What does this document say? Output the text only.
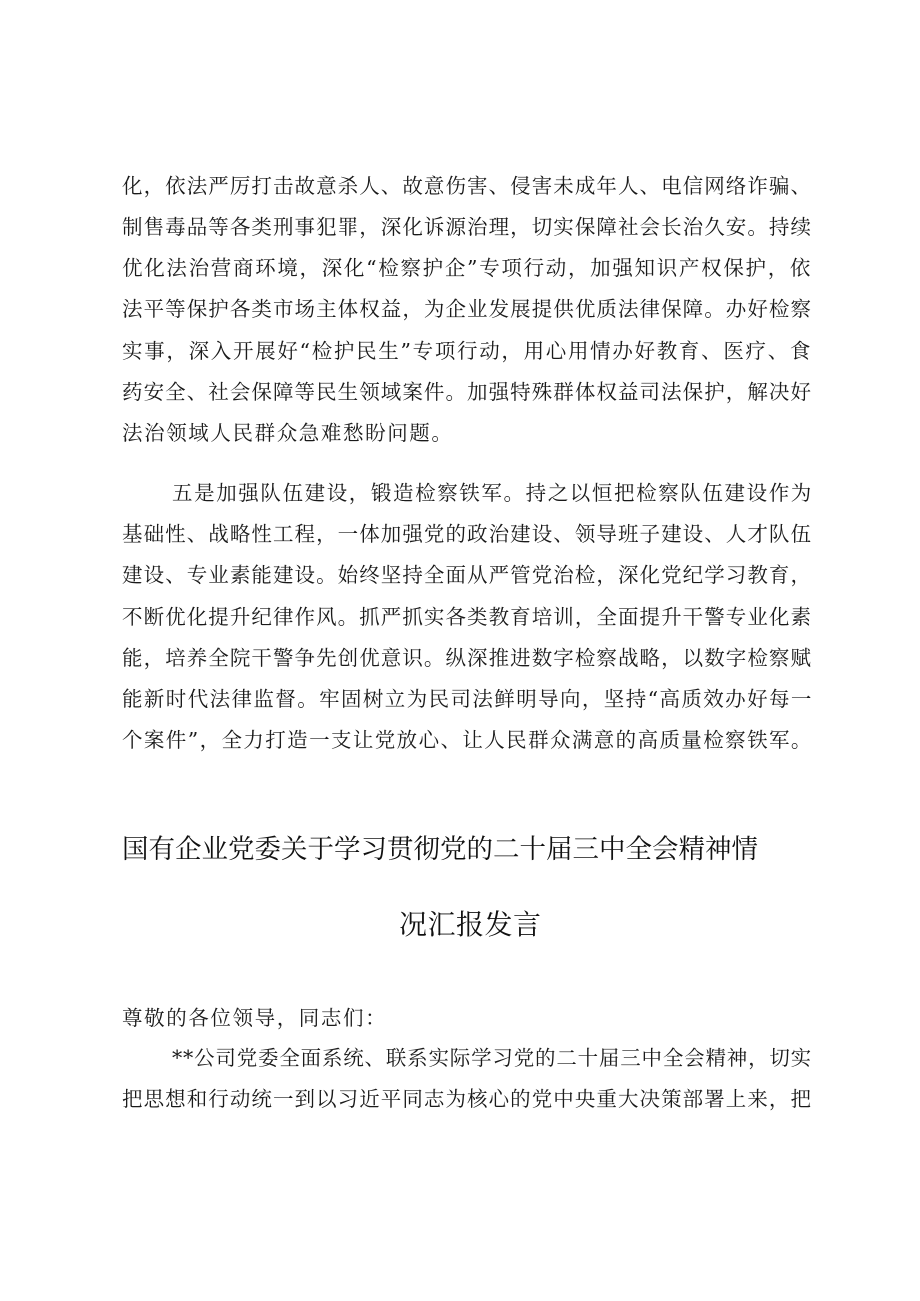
化，依法严厉打击故意杀人、故意伤害、侵害未成年人、电信网络诈骗、
制售毒品等各类刑事犯罪，深化诉源治理，切实保障社会长治久安。持续
优化法治营商环境，深化“检察护企”专项行动，加强知识产权保护，依
法平等保护各类市场主体权益，为企业发展提供优质法律保障。办好检察
实事，深入开展好“检护民生”专项行动，用心用情办好教育、医疗、食
药安全、社会保障等民生领域案件。加强特殊群体权益司法保护，解决好
法治领域人民群众急难愁盼问题。
五是加强队伍建设，锻造检察铁军。持之以恒把检察队伍建设作为
基础性、战略性工程，一体加强党的政治建设、领导班子建设、人才队伍
建设、专业素能建设。始终坚持全面从严管党治检，深化党纪学习教育，
不断优化提升纪律作风。抓严抓实各类教育培训，全面提升干警专业化素
能，培养全院干警争先创优意识。纵深推进数字检察战略，以数字检察赋
能新时代法律监督。牢固树立为民司法鲜明导向，坚持“高质效办好每一
个案件”，全力打造一支让党放心、让人民群众满意的高质量检察铁军。
国有企业党委关于学习贯彻党的二十届三中全会精神情
况汇报发言
尊敬的各位领导，同志们：
**公司党委全面系统、联系实际学习党的二十届三中全会精神，切实
把思想和行动统一到以习近平同志为核心的党中央重大决策部署上来，把
